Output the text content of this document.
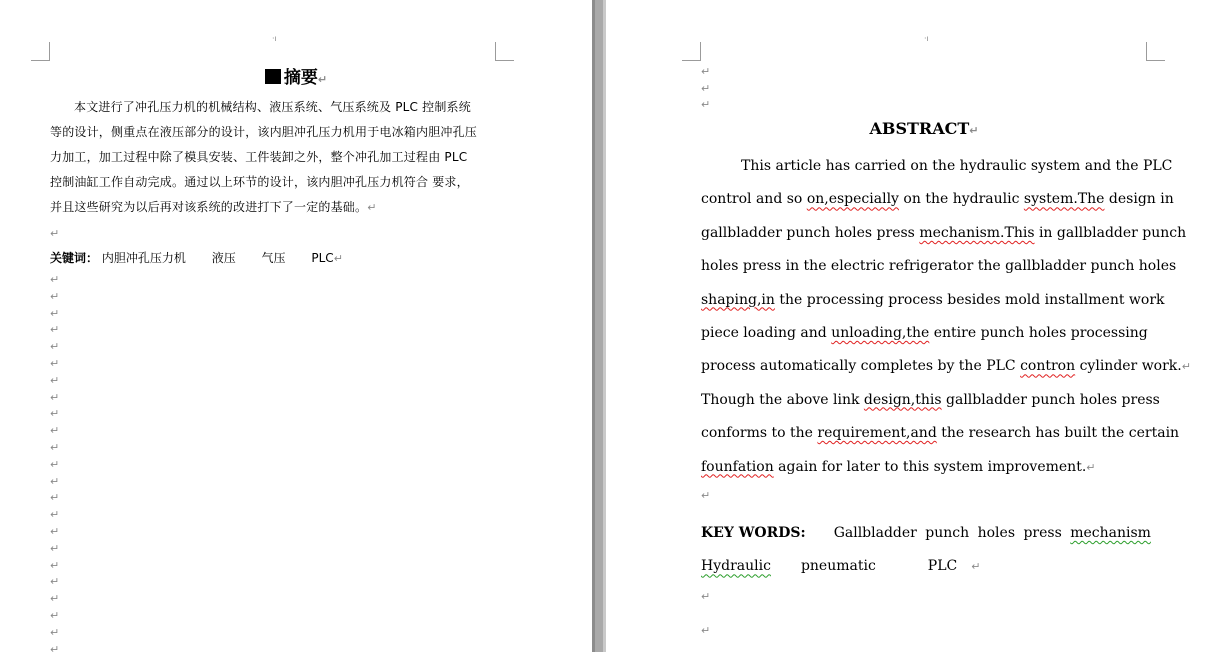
·ı
摘要↵
本文进行了冲孔压力机的机械结构、液压系统、气压系统及 PLC 控制系统
等的设计，侧重点在液压部分的设计，该内胆冲孔压力机用于电冰箱内胆冲孔压
力加工，加工过程中除了模具安装、工件装卸之外，整个冲孔加工过程由 PLC
控制油缸工作自动完成。通过以上环节的设计，该内胆冲孔压力机符合 要求，
并且这些研究为以后再对该系统的改进打下了一定的基础。↵
↵
关键词： 内胆冲孔压力机 液压 气压 PLC↵
↵
↵
↵
↵
↵
↵
↵
↵
↵
↵
↵
↵
↵
↵
↵
↵
↵
↵
↵
↵
↵
↵
↵
·ı
↵
↵
↵
ABSTRACT↵
This article has carried on the hydraulic system and the PLC
control and so on,especially on the hydraulic system.The design in
gallbladder punch holes press mechanism.This in gallbladder punch
holes press in the electric refrigerator the gallbladder punch holes
shaping,in the processing process besides mold installment work
piece loading and unloading,the entire punch holes processing
process automatically completes by the PLC contron cylinder work.↵
Though the above link design,this gallbladder punch holes press
conforms to the requirement,and the research has built the certain
founfation again for later to this system improvement.↵
↵
KEY WORDS: Gallbladder punch holes press mechanism
Hydraulic pneumatic	PLC ↵
↵
↵
